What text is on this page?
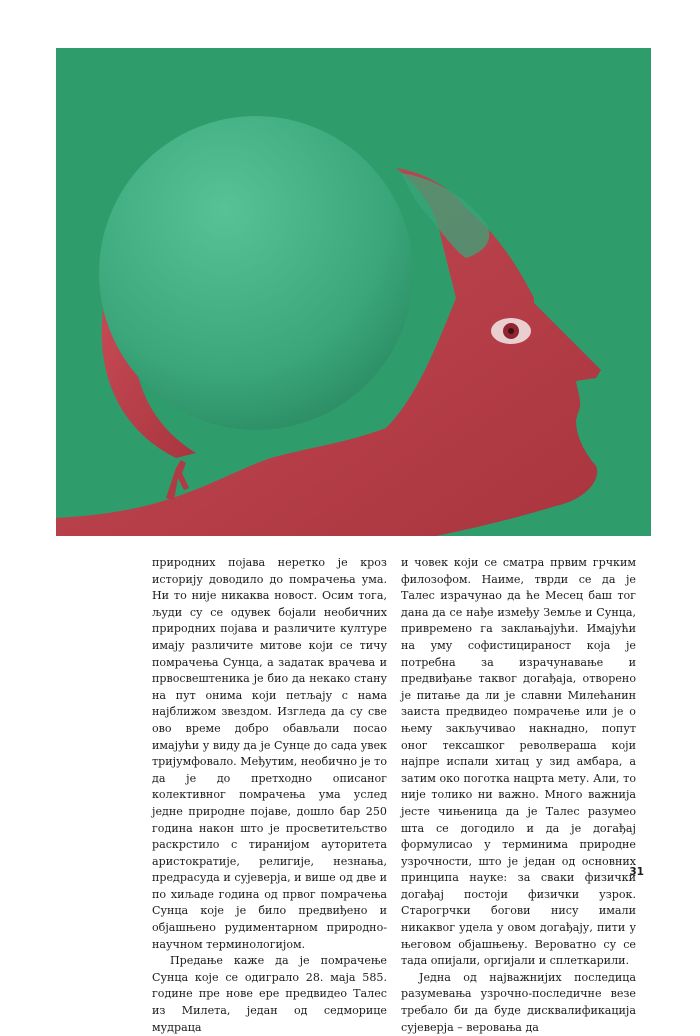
природних појава неретко је кроз историју доводило до помрачења ума. Ни то није никаква новост. Осим тога, људи су се одувек бојали необичних природних појава и различите културе имају различите митове који се тичу помрачења Сунца, а задатак врачева и првосвештеника је био да некако стану на пут онима који петљају с нама најближом звездом. Изгледа да су све ово време добро обављали посао имајући у виду да је Сунце до сада увек тријумфовало. Међутим, необично је то да је до претходно описаног колективног помрачења ума услед једне природне појаве, дошло бар 250 година након што је просветитељство раскрстило с тиранијом ауторитета аристократије, религије, незнања, предрасуда и сујеверја, и више од две и по хиљаде година од првог помрачења Сунца које је било предвиђено и објашњено рудиментарном природно-научном терминологијом.

Предање каже да је помрачење Сунца које се одиграло 28. маја 585. године пре нове ере предвидео Талес из Милета, један од седморице мудраца

и човек који се сматра првим грчким филозофом. Наиме, тврди се да је Талес израчунао да ће Месец баш тог дана да се нађе између Земље и Сунца, привремено га заклањајући. Имајући на уму софистицираност која је потребна за израчунавање и предвиђање таквог догађаја, отворено је питање да ли је славни Милећанин заиста предвидео помрачење или је о њему закључивао накнадно, попут оног тексашког револвераша који најпре испали хитац у зид амбара, а затим око поготка нацрта мету. Али, то није толико ни важно. Много важнија јесте чињеница да је Талес разумео шта се догодило и да је догађај формулисао у терминима природне узрочности, што је један од основних принципа науке: за сваки физички догађај постоји физички узрок. Старогрчки богови нису имали никаквог удела у овом догађају, пити у његовом објашњењу. Вероватно су се тада опијали, оргијали и сплеткарили.

Једна од најважнијих последица разумевања узрочно-последичне везе требало би да буде дисквалификација сујеверја – веровања да

31
